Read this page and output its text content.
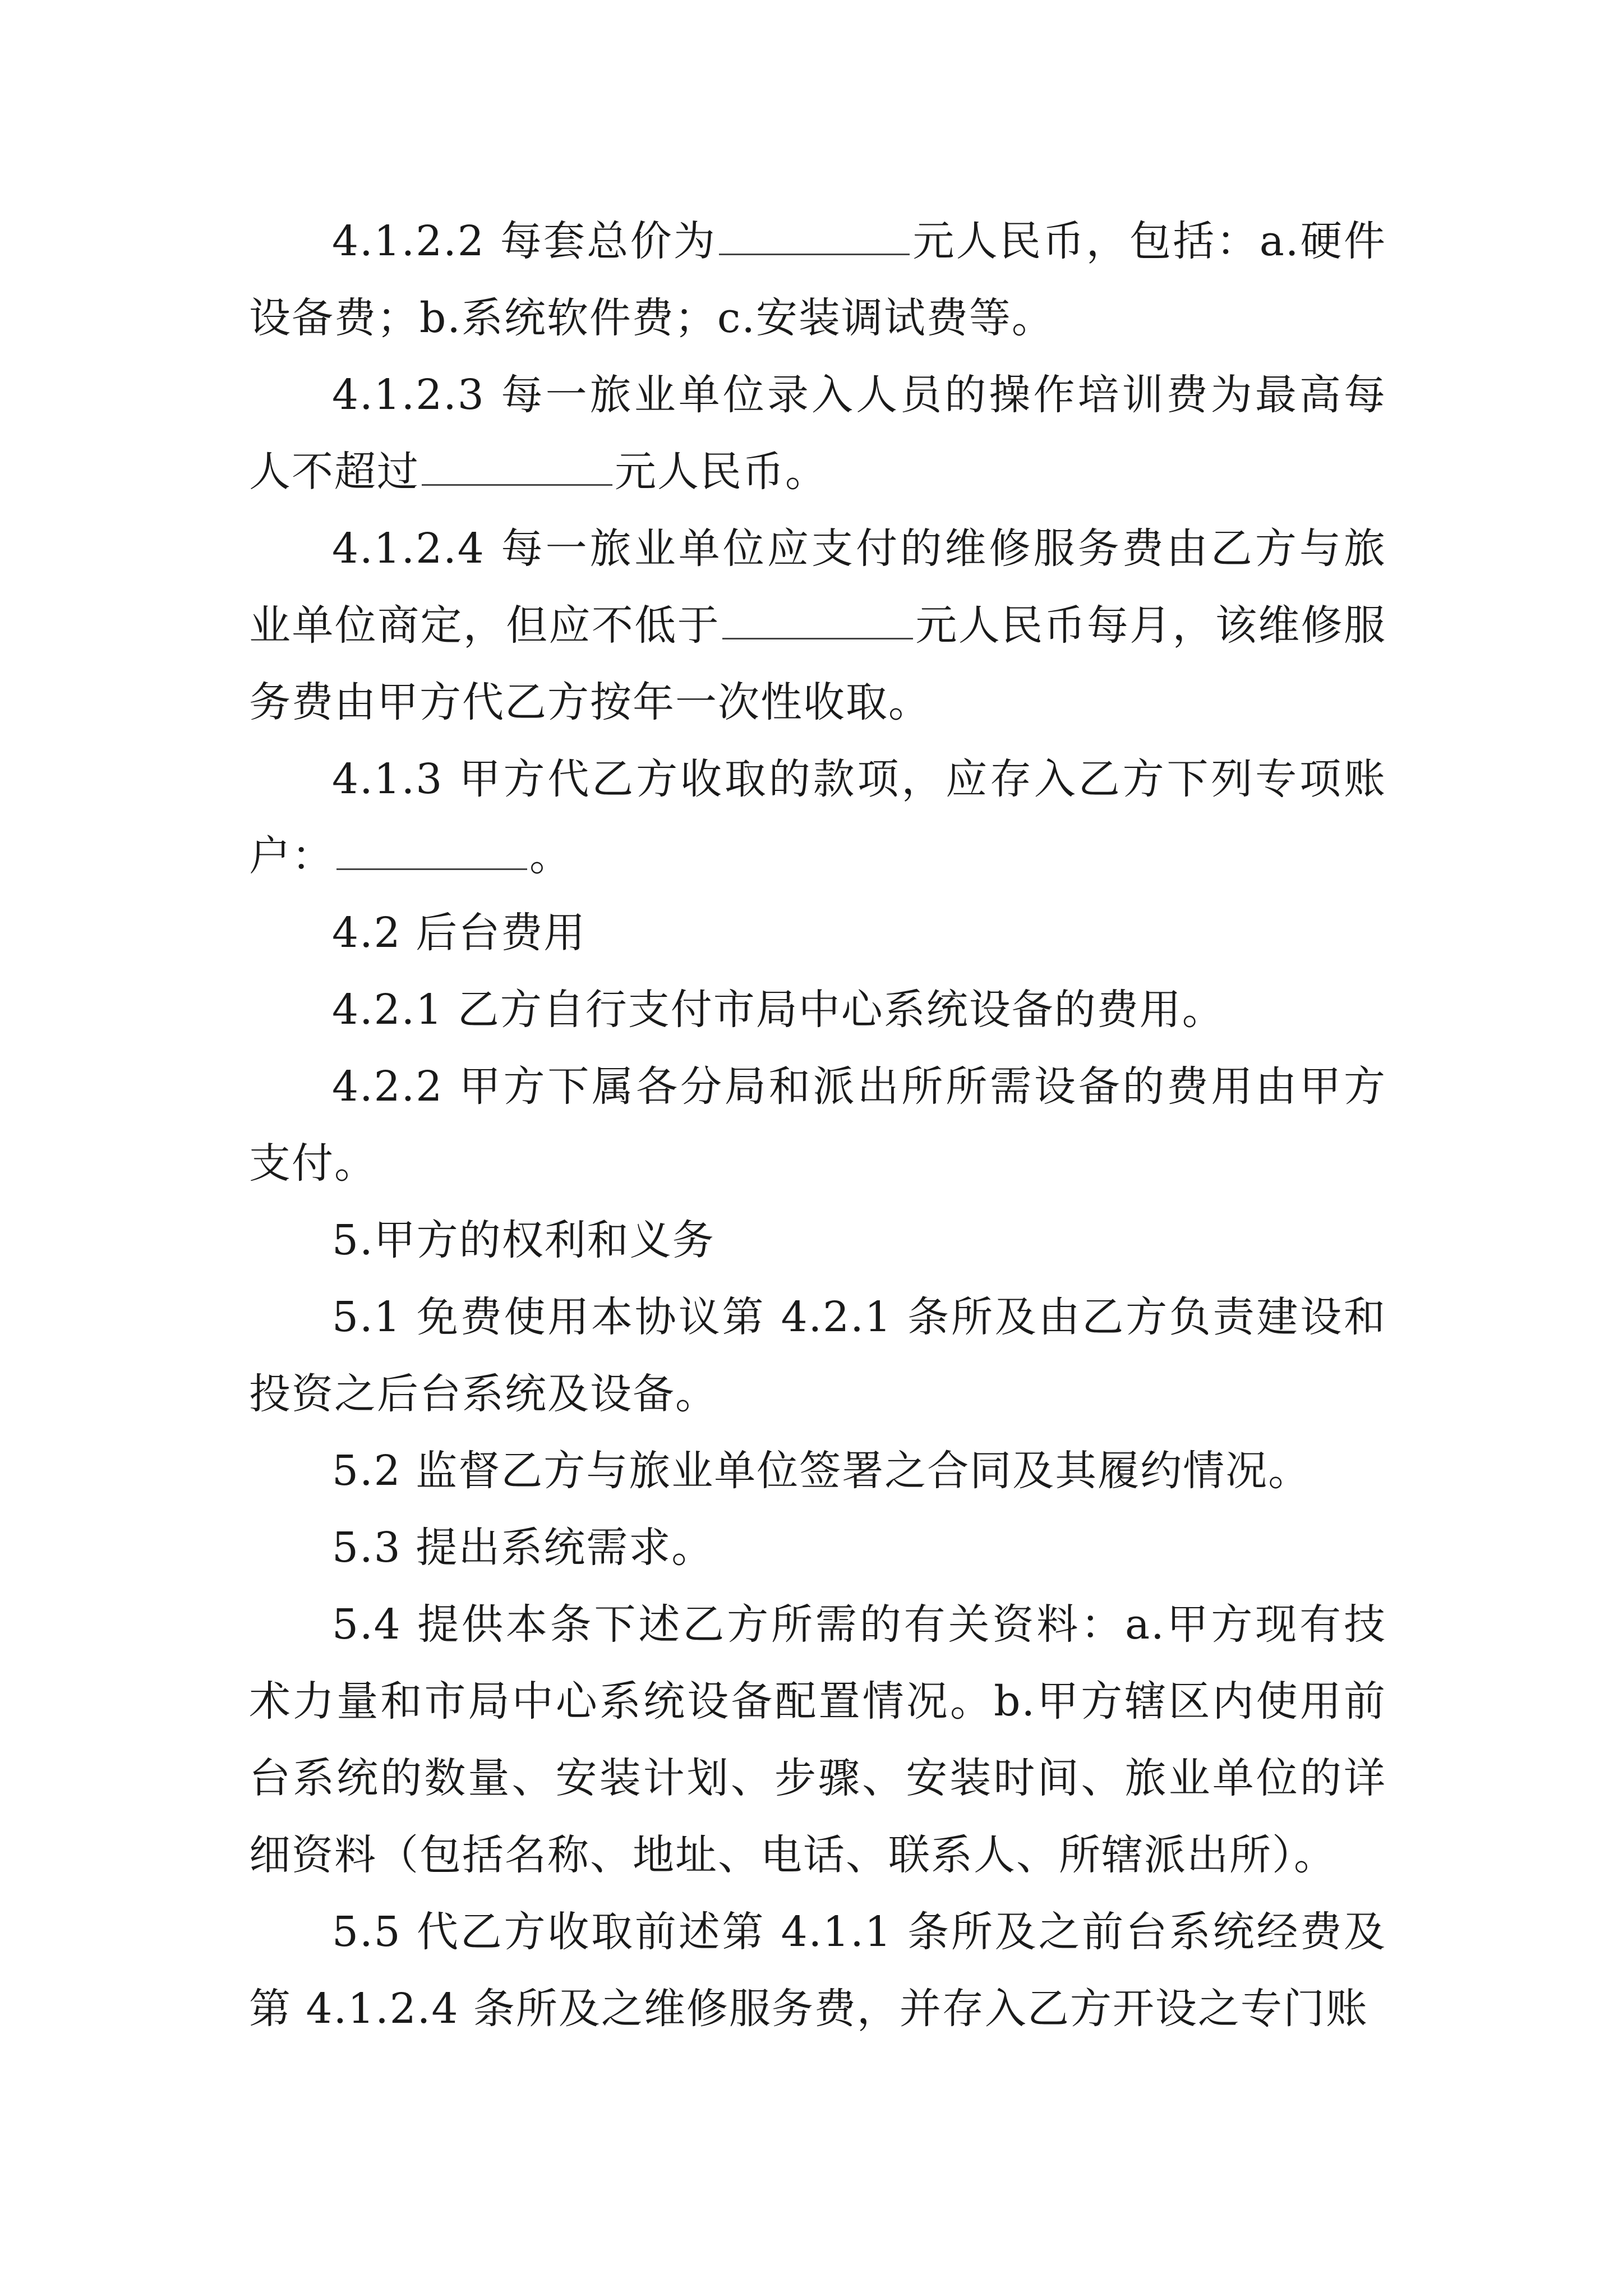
4.1.2.2 每套总价为	元人民币，包括：a.硬件设备费；b.系统软件费；c.安装调试费等。

4.1.2.3 每一旅业单位录入人员的操作培训费为最高每人不超过	元人民币。

4.1.2.4 每一旅业单位应支付的维修服务费由乙方与旅业单位商定，但应不低于	元人民币每月，该维修服务费由甲方代乙方按年一次性收取。

4.1.3 甲方代乙方收取的款项，应存入乙方下列专项账户：	。

4.2 后台费用

4.2.1 乙方自行支付市局中心系统设备的费用。

4.2.2 甲方下属各分局和派出所所需设备的费用由甲方支付。

5.甲方的权利和义务

5.1 免费使用本协议第 4.2.1 条所及由乙方负责建设和投资之后台系统及设备。

5.2 监督乙方与旅业单位签署之合同及其履约情况。

5.3 提出系统需求。

5.4 提供本条下述乙方所需的有关资料：a.甲方现有技术力量和市局中心系统设备配置情况。b.甲方辖区内使用前台系统的数量、安装计划、步骤、安装时间、旅业单位的详细资料（包括名称、地址、电话、联系人、所辖派出所）。

5.5 代乙方收取前述第 4.1.1 条所及之前台系统经费及第 4.1.2.4 条所及之维修服务费，并存入乙方开设之专门账
